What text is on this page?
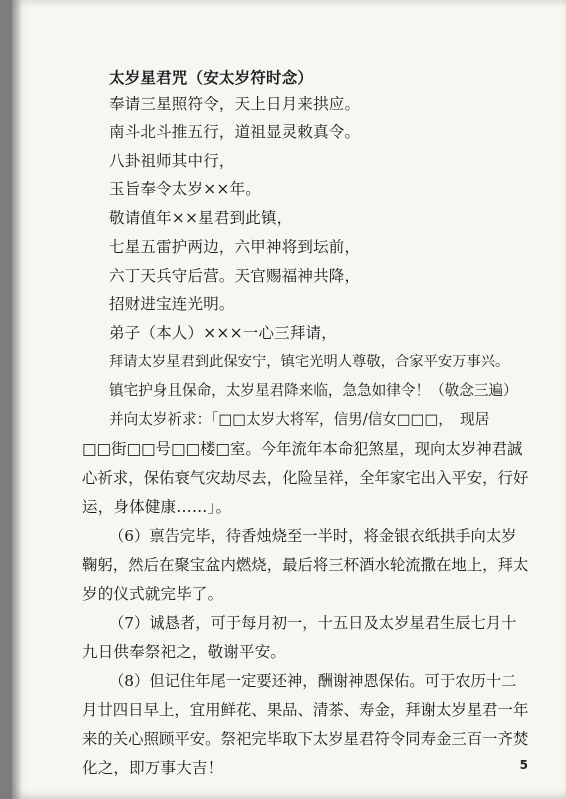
太岁星君咒（安太岁符时念）
奉请三星照符令，天上日月来拱应。
南斗北斗推五行，道祖显灵敕真令。
八卦祖师其中行，
玉旨奉令太岁××年。
敬请值年××星君到此镇，
七星五雷护两边，六甲神将到坛前，
六丁天兵守后营。天官赐福神共降，
招财进宝连光明。
弟子（本人）×××一心三拜请，
拜请太岁星君到此保安宁，镇宅光明人尊敬，合家平安万事兴。
镇宅护身且保命，太岁星君降来临，急急如律令！（敬念三遍）
并向太岁祈求：「□□太岁大将军，信男/信女□□□，　现居
□□街□□号□□楼□室。今年流年本命犯煞星，现向太岁神君誠
心祈求，保佑衰气灾劫尽去，化险呈祥，全年家宅出入平安，行好
运，身体健康……」。
（6）禀告完毕，待香烛烧至一半时，将金银衣纸拱手向太岁
鞠躬，然后在聚宝盆内燃烧，最后将三杯酒水轮流撒在地上，拜太
岁的仪式就完毕了。
（7）诚恳者，可于每月初一，十五日及太岁星君生辰七月十
九日供奉祭祀之，敬谢平安。
（8）但记住年尾一定要还神，酬谢神恩保佑。可于农历十二
月廿四日早上，宜用鲜花、果品、清茶、寿金，拜谢太岁星君一年
来的关心照顾平安。祭祀完毕取下太岁星君符令同寿金三百一齐焚
化之，即万事大吉！	5
